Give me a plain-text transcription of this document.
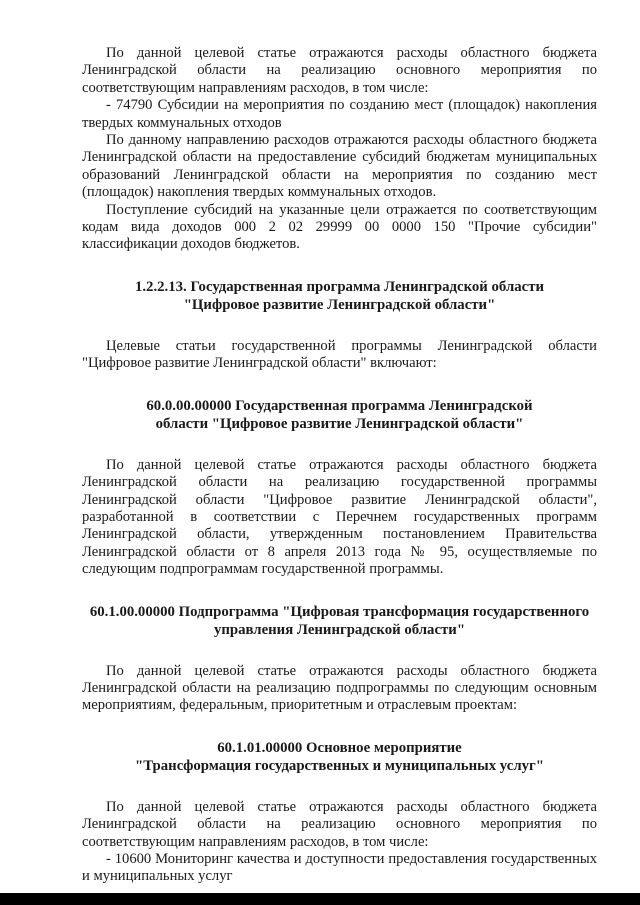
По данной целевой статье отражаются расходы областного бюджета Ленинградской области на реализацию основного мероприятия по соответствующим направлениям расходов, в том числе:

- 74790 Субсидии на мероприятия по созданию мест (площадок) накопления твердых коммунальных отходов

По данному направлению расходов отражаются расходы областного бюджета Ленинградской области на предоставление субсидий бюджетам муниципальных образований Ленинградской области на мероприятия по созданию мест (площадок) накопления твердых коммунальных отходов.

Поступление субсидий на указанные цели отражается по соответствующим кодам вида доходов 000 2 02 29999 00 0000 150 "Прочие субсидии" классификации доходов бюджетов.

1.2.2.13. Государственная программа Ленинградской области
"Цифровое развитие Ленинградской области"

Целевые статьи государственной программы Ленинградской области "Цифровое развитие Ленинградской области" включают:

60.0.00.00000 Государственная программа Ленинградской
области "Цифровое развитие Ленинградской области"

По данной целевой статье отражаются расходы областного бюджета Ленинградской области на реализацию государственной программы Ленинградской области "Цифровое развитие Ленинградской области", разработанной в соответствии с Перечнем государственных программ Ленинградской области, утвержденным постановлением Правительства Ленинградской области от 8 апреля 2013 года № 95, осуществляемые по следующим подпрограммам государственной программы.

60.1.00.00000 Подпрограмма "Цифровая трансформация государственного
управления Ленинградской области"

По данной целевой статье отражаются расходы областного бюджета Ленинградской области на реализацию подпрограммы по следующим основным мероприятиям, федеральным, приоритетным и отраслевым проектам:

60.1.01.00000 Основное мероприятие
"Трансформация государственных и муниципальных услуг"

По данной целевой статье отражаются расходы областного бюджета Ленинградской области на реализацию основного мероприятия по соответствующим направлениям расходов, в том числе:

- 10600 Мониторинг качества и доступности предоставления государственных и муниципальных услуг
